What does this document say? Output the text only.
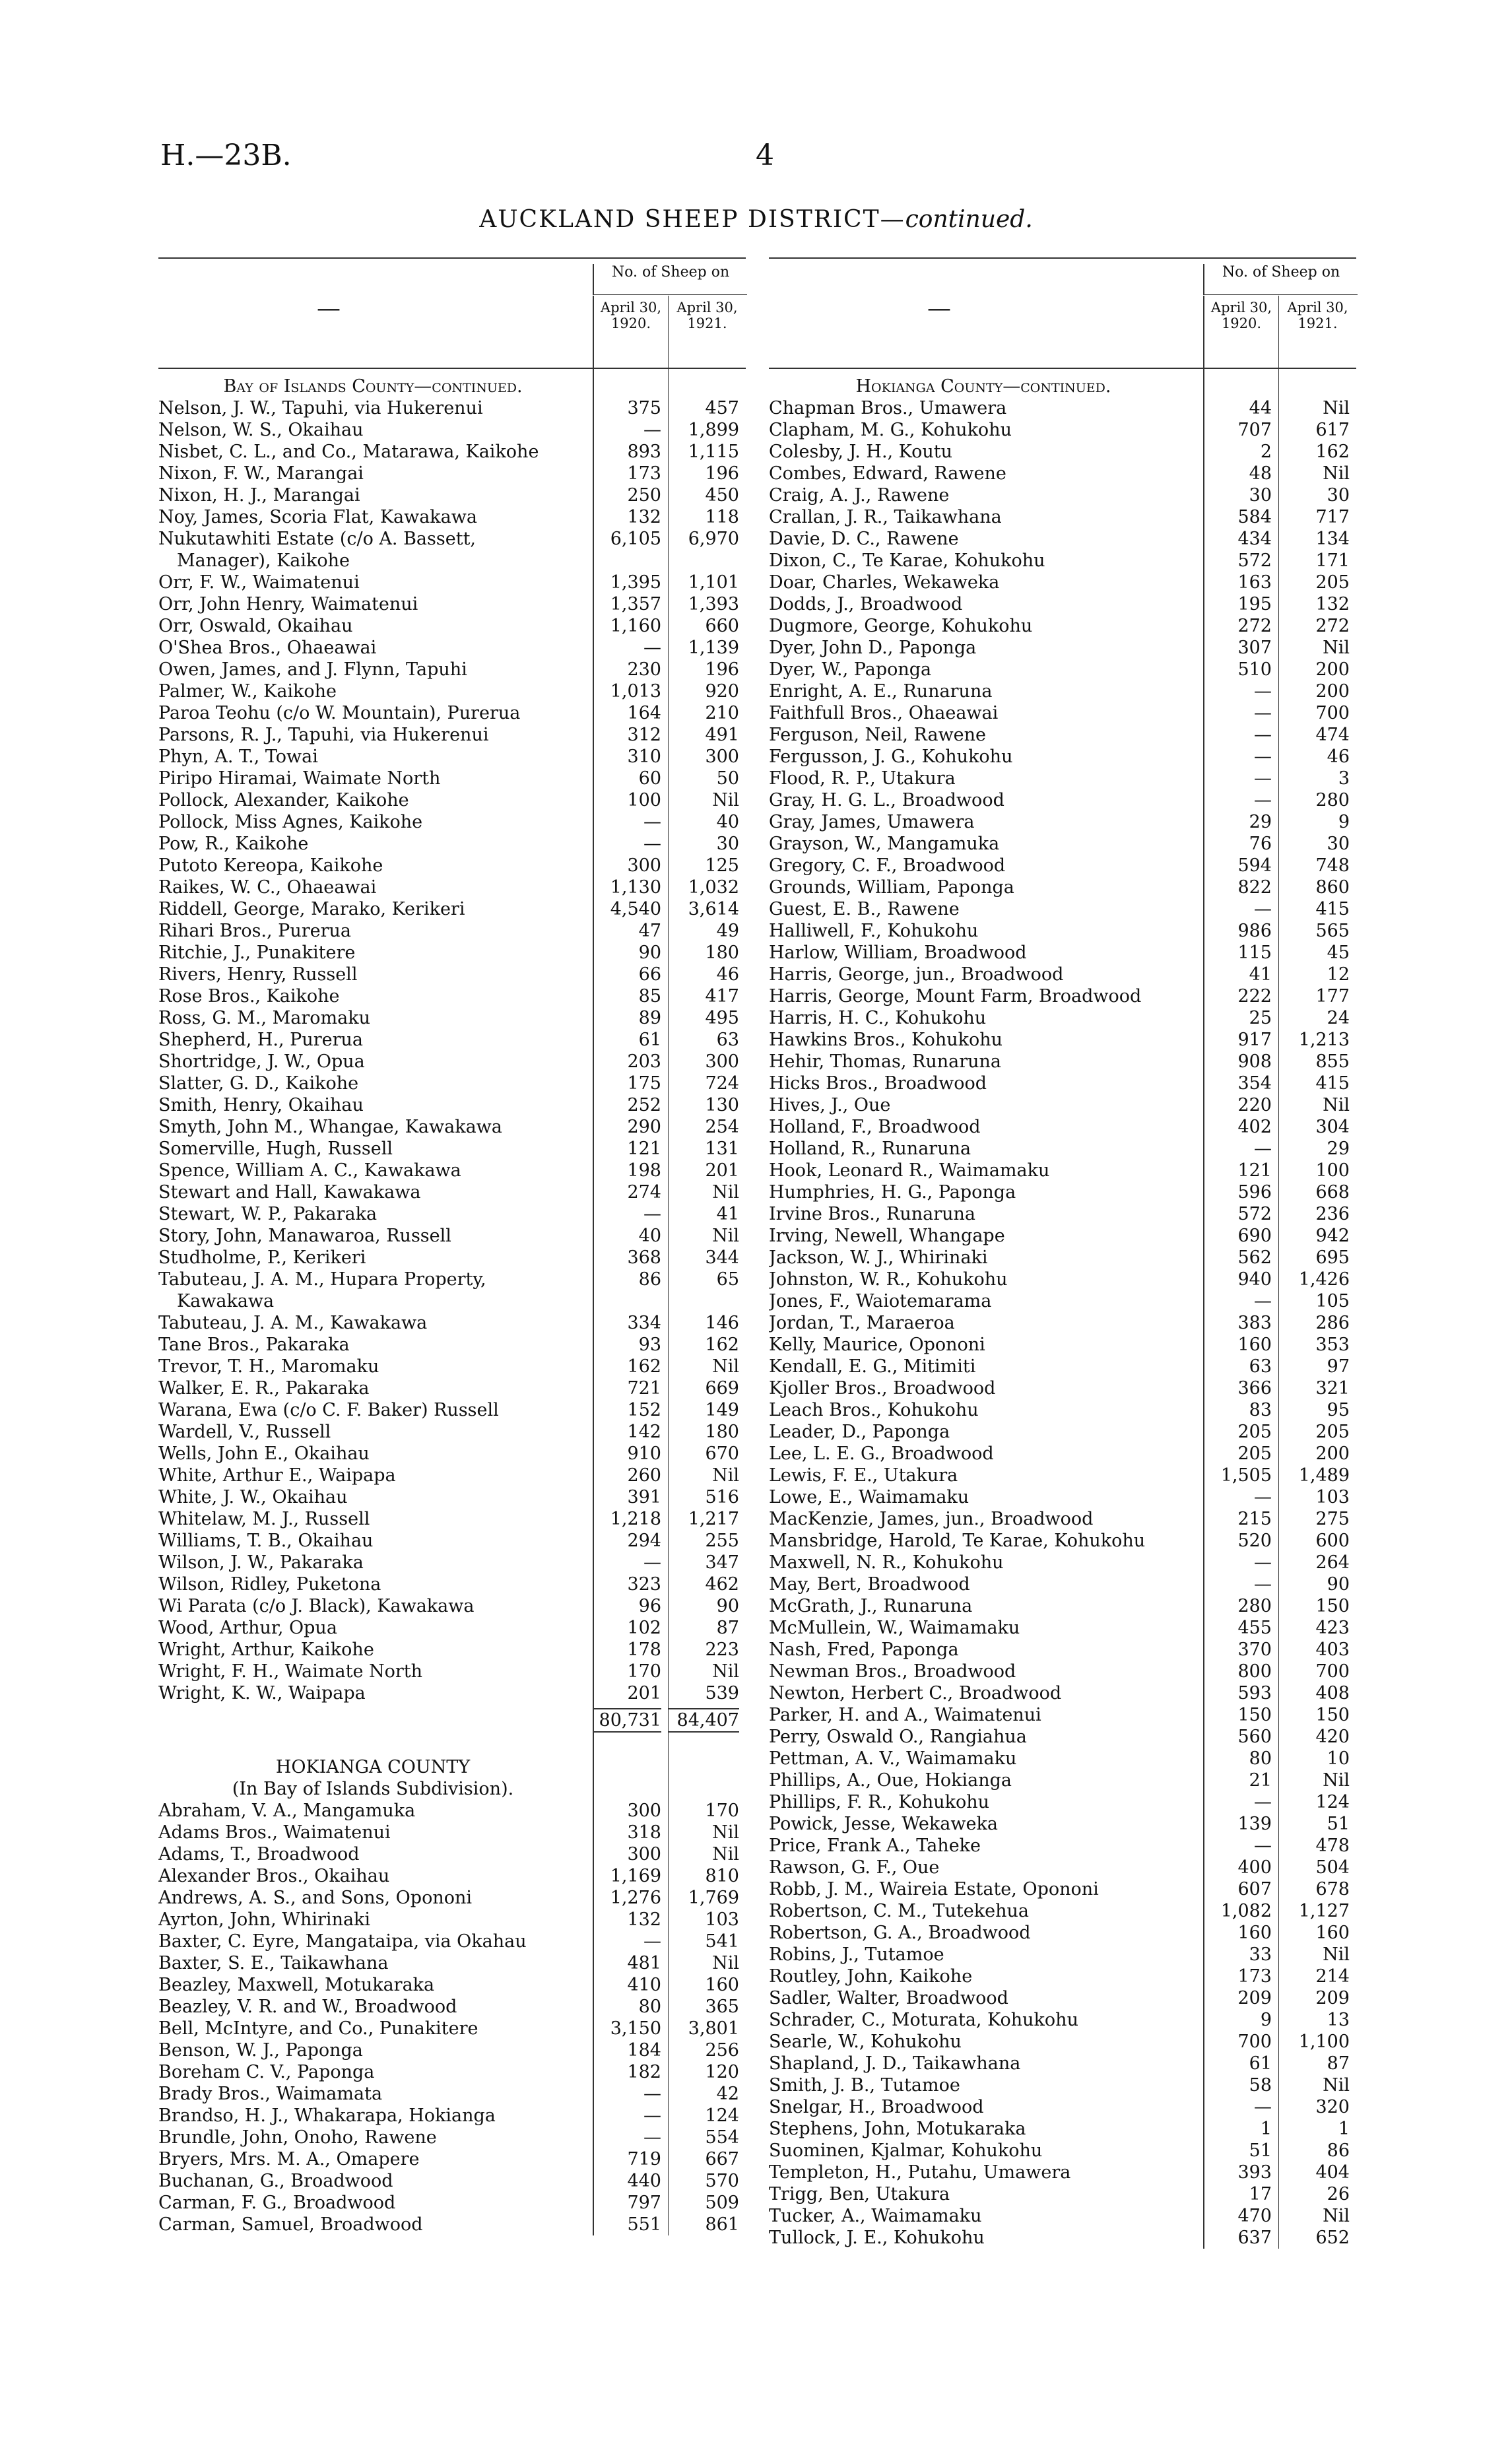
H.—23B.	4
AUCKLAND SHEEP DISTRICT—continued.
—
No. of Sheep on
April 30, 1920.
April 30, 1921.
Bay of Islands County—continued.
Nelson, J. W., Tapuhi, via Hukerenui	375	457
Nelson, W. S., Okaihau	—	1,899
Nisbet, C. L., and Co., Matarawa, Kaikohe	893	1,115
Nixon, F. W., Marangai	173	196
Nixon, H. J., Marangai	250	450
Noy, James, Scoria Flat, Kawakawa	132	118
Nukutawhiti Estate (c/o A. Bassett,	6,105	6,970
Manager), Kaikohe
Orr, F. W., Waimatenui	1,395	1,101
Orr, John Henry, Waimatenui	1,357	1,393
Orr, Oswald, Okaihau	1,160	660
O'Shea Bros., Ohaeawai	—	1,139
Owen, James, and J. Flynn, Tapuhi	230	196
Palmer, W., Kaikohe	1,013	920
Paroa Teohu (c/o W. Mountain), Purerua	164	210
Parsons, R. J., Tapuhi, via Hukerenui	312	491
Phyn, A. T., Towai	310	300
Piripo Hiramai, Waimate North	60	50
Pollock, Alexander, Kaikohe	100	Nil
Pollock, Miss Agnes, Kaikohe	—	40
Pow, R., Kaikohe	—	30
Putoto Kereopa, Kaikohe	300	125
Raikes, W. C., Ohaeawai	1,130	1,032
Riddell, George, Marako, Kerikeri	4,540	3,614
Rihari Bros., Purerua	47	49
Ritchie, J., Punakitere	90	180
Rivers, Henry, Russell	66	46
Rose Bros., Kaikohe	85	417
Ross, G. M., Maromaku	89	495
Shepherd, H., Purerua	61	63
Shortridge, J. W., Opua	203	300
Slatter, G. D., Kaikohe	175	724
Smith, Henry, Okaihau	252	130
Smyth, John M., Whangae, Kawakawa	290	254
Somerville, Hugh, Russell	121	131
Spence, William A. C., Kawakawa	198	201
Stewart and Hall, Kawakawa	274	Nil
Stewart, W. P., Pakaraka	—	41
Story, John, Manawaroa, Russell	40	Nil
Studholme, P., Kerikeri	368	344
Tabuteau, J. A. M., Hupara Property,	86	65
Kawakawa
Tabuteau, J. A. M., Kawakawa	334	146
Tane Bros., Pakaraka	93	162
Trevor, T. H., Maromaku	162	Nil
Walker, E. R., Pakaraka	721	669
Warana, Ewa (c/o C. F. Baker) Russell	152	149
Wardell, V., Russell	142	180
Wells, John E., Okaihau	910	670
White, Arthur E., Waipapa	260	Nil
White, J. W., Okaihau	391	516
Whitelaw, M. J., Russell	1,218	1,217
Williams, T. B., Okaihau	294	255
Wilson, J. W., Pakaraka	—	347
Wilson, Ridley, Puketona	323	462
Wi Parata (c/o J. Black), Kawakawa	96	90
Wood, Arthur, Opua	102	87
Wright, Arthur, Kaikohe	178	223
Wright, F. H., Waimate North	170	Nil
Wright, K. W., Waipapa	201	539
80,731 84,407
HOKIANGA COUNTY
(In Bay of Islands Subdivision).
Abraham, V. A., Mangamuka	300	170
Adams Bros., Waimatenui	318	Nil
Adams, T., Broadwood	300	Nil
Alexander Bros., Okaihau	1,169	810
Andrews, A. S., and Sons, Opononi	1,276	1,769
Ayrton, John, Whirinaki	132	103
Baxter, C. Eyre, Mangataipa, via Okahau	—	541
Baxter, S. E., Taikawhana	481	Nil
Beazley, Maxwell, Motukaraka	410	160
Beazley, V. R. and W., Broadwood	80	365
Bell, McIntyre, and Co., Punakitere	3,150	3,801
Benson, W. J., Paponga	184	256
Boreham C. V., Paponga	182	120
Brady Bros., Waimamata	—	42
Brandso, H. J., Whakarapa, Hokianga	—	124
Brundle, John, Onoho, Rawene	—	554
Bryers, Mrs. M. A., Omapere	719	667
Buchanan, G., Broadwood	440	570
Carman, F. G., Broadwood	797	509
Carman, Samuel, Broadwood	551	861
—
No. of Sheep on
April 30, 1920.
April 30, 1921.
Hokianga County—continued.
Chapman Bros., Umawera	44	Nil
Clapham, M. G., Kohukohu	707	617
Colesby, J. H., Koutu	2	162
Combes, Edward, Rawene	48	Nil
Craig, A. J., Rawene	30	30
Crallan, J. R., Taikawhana	584	717
Davie, D. C., Rawene	434	134
Dixon, C., Te Karae, Kohukohu	572	171
Doar, Charles, Wekaweka	163	205
Dodds, J., Broadwood	195	132
Dugmore, George, Kohukohu	272	272
Dyer, John D., Paponga	307	Nil
Dyer, W., Paponga	510	200
Enright, A. E., Runaruna	—	200
Faithfull Bros., Ohaeawai	—	700
Ferguson, Neil, Rawene	—	474
Fergusson, J. G., Kohukohu	—	46
Flood, R. P., Utakura	—	3
Gray, H. G. L., Broadwood	—	280
Gray, James, Umawera	29	9
Grayson, W., Mangamuka	76	30
Gregory, C. F., Broadwood	594	748
Grounds, William, Paponga	822	860
Guest, E. B., Rawene	—	415
Halliwell, F., Kohukohu	986	565
Harlow, William, Broadwood	115	45
Harris, George, jun., Broadwood	41	12
Harris, George, Mount Farm, Broadwood	222	177
Harris, H. C., Kohukohu	25	24
Hawkins Bros., Kohukohu	917	1,213
Hehir, Thomas, Runaruna	908	855
Hicks Bros., Broadwood	354	415
Hives, J., Oue	220	Nil
Holland, F., Broadwood	402	304
Holland, R., Runaruna	—	29
Hook, Leonard R., Waimamaku	121	100
Humphries, H. G., Paponga	596	668
Irvine Bros., Runaruna	572	236
Irving, Newell, Whangape	690	942
Jackson, W. J., Whirinaki	562	695
Johnston, W. R., Kohukohu	940	1,426
Jones, F., Waiotemarama	—	105
Jordan, T., Maraeroa	383	286
Kelly, Maurice, Opononi	160	353
Kendall, E. G., Mitimiti	63	97
Kjoller Bros., Broadwood	366	321
Leach Bros., Kohukohu	83	95
Leader, D., Paponga	205	205
Lee, L. E. G., Broadwood	205	200
Lewis, F. E., Utakura	1,505	1,489
Lowe, E., Waimamaku	—	103
MacKenzie, James, jun., Broadwood	215	275
Mansbridge, Harold, Te Karae, Kohukohu	520	600
Maxwell, N. R., Kohukohu	—	264
May, Bert, Broadwood	—	90
McGrath, J., Runaruna	280	150
McMullein, W., Waimamaku	455	423
Nash, Fred, Paponga	370	403
Newman Bros., Broadwood	800	700
Newton, Herbert C., Broadwood	593	408
Parker, H. and A., Waimatenui	150	150
Perry, Oswald O., Rangiahua	560	420
Pettman, A. V., Waimamaku	80	10
Phillips, A., Oue, Hokianga	21	Nil
Phillips, F. R., Kohukohu	—	124
Powick, Jesse, Wekaweka	139	51
Price, Frank A., Taheke	—	478
Rawson, G. F., Oue	400	504
Robb, J. M., Waireia Estate, Opononi	607	678
Robertson, C. M., Tutekehua	1,082	1,127
Robertson, G. A., Broadwood	160	160
Robins, J., Tutamoe	33	Nil
Routley, John, Kaikohe	173	214
Sadler, Walter, Broadwood	209	209
Schrader, C., Moturata, Kohukohu	9	13
Searle, W., Kohukohu	700	1,100
Shapland, J. D., Taikawhana	61	87
Smith, J. B., Tutamoe	58	Nil
Snelgar, H., Broadwood	—	320
Stephens, John, Motukaraka	1	1
Suominen, Kjalmar, Kohukohu	51	86
Templeton, H., Putahu, Umawera	393	404
Trigg, Ben, Utakura	17	26
Tucker, A., Waimamaku	470	Nil
Tullock, J. E., Kohukohu	637	652
